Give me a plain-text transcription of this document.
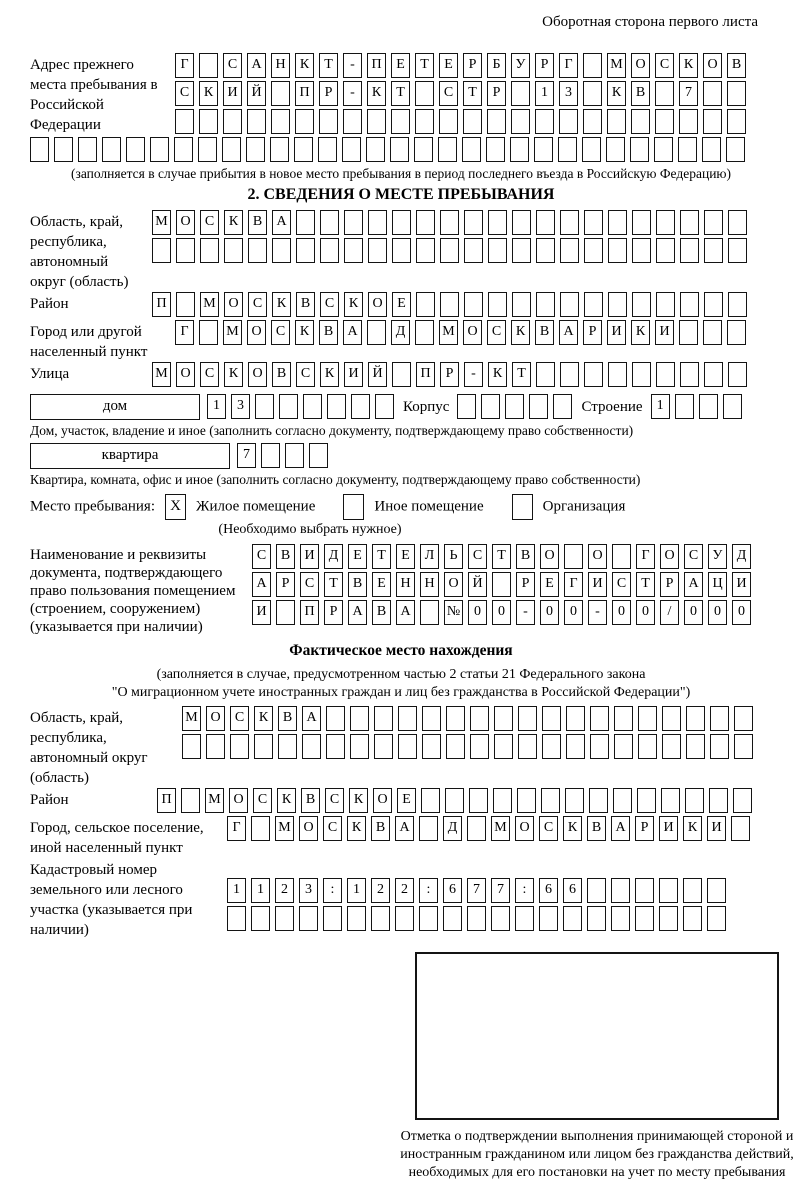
Оборотная сторона первого листа
Адрес прежнего места пребывания в Российской Федерации
Г	С А Н К Т - П Е Т Е Р Б У Р Г	М О С К О В
С К И Й	П Р - К Т	С Т Р	1 3	К В	7

(заполняется в случае прибытия в новое место пребывания в период последнего въезда в Российскую Федерацию)
2. СВЕДЕНИЯ О МЕСТЕ ПРЕБЫВАНИЯ
Область, край, республика, автономный округ (область)
М О С К В А

Район	П	М О С К В С К О Е
Город или другой населенный пункт
Г	М О С К В А	Д	М О С К В А Р И К И
Улица	М О С К О В С К И Й	П Р - К Т
дом	1 3	Корпус	Строение 1
Дом, участок, владение и иное (заполнить согласно документу, подтверждающему право собственности)
квартира	7
Квартира, комната, офис и иное (заполнить согласно документу, подтверждающему право собственности)
Место пребывания: X Жилое помещение	Иное помещение	Организация
(Необходимо выбрать нужное)
Наименование и реквизиты документа, подтверждающего право пользования помещением (строением, сооружением) (указывается при наличии)
С В И Д Е Т Е Л Ь С Т В О	О	Г О С У Д
А Р С Т В Е Н Н О Й	Р Е Г И С Т Р А Ц И
И	П Р А В А	№ 0 0 - 0 0 - 0 0 / 0 0 0
Фактическое место нахождения
(заполняется в случае, предусмотренном частью 2 статьи 21 Федерального закона
"О миграционном учете иностранных граждан и лиц без гражданства в Российской Федерации")
Область, край, республика, автономный округ (область)
М О С К В А

Район	П	М О С К В С К О Е
Город, сельское поселение, иной населенный пункт
Г	М О С К В А	Д	М О С К В А Р И К И
Кадастровый номер земельного или лесного участка (указывается при наличии)
1 1 2 3 : 1 2 2 : 6 7 7 : 6 6

Отметка о подтверждении выполнения принимающей стороной и иностранным гражданином или лицом без гражданства действий, необходимых для его постановки на учет по месту пребывания
